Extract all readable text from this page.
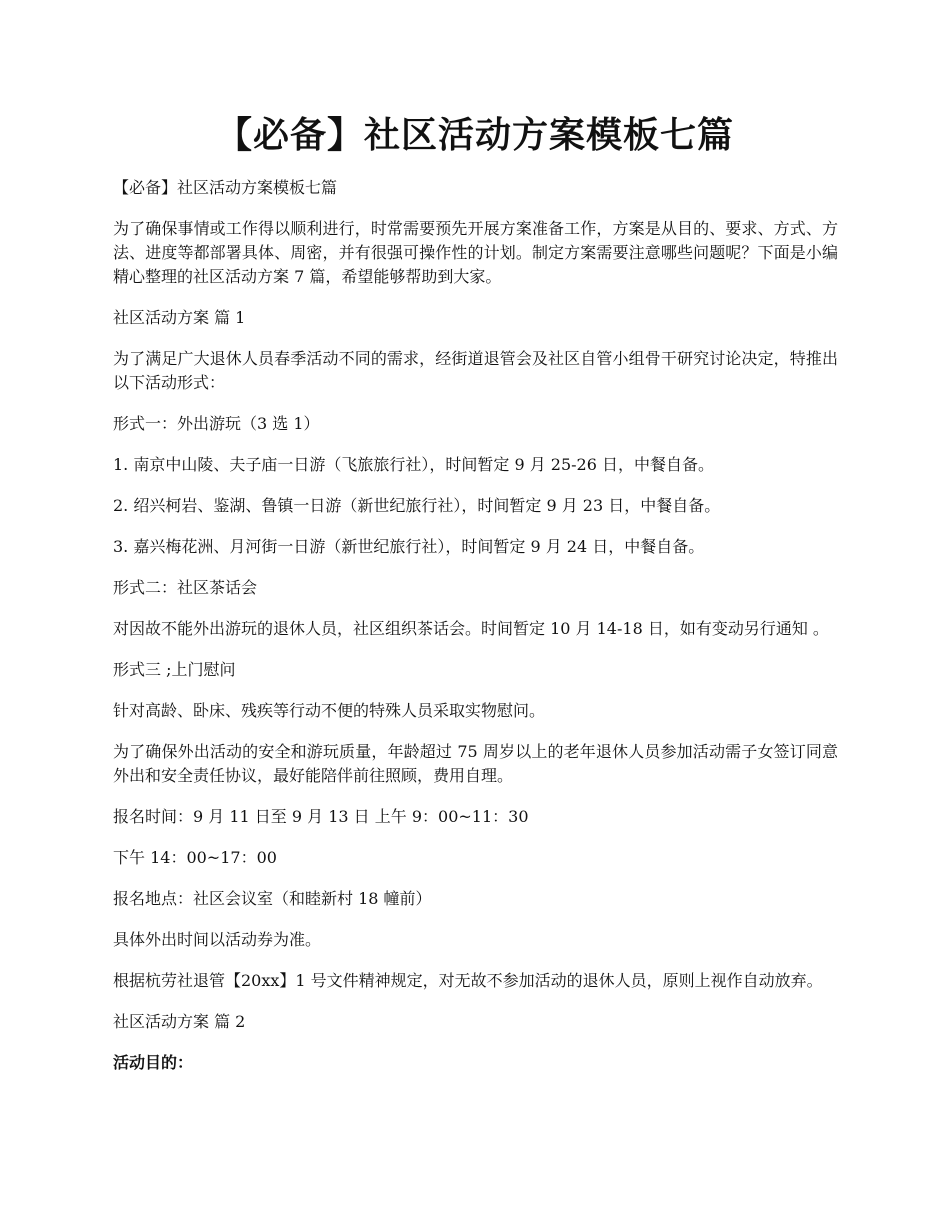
【必备】社区活动方案模板七篇

【必备】社区活动方案模板七篇

为了确保事情或工作得以顺利进行，时常需要预先开展方案准备工作，方案是从目的、要求、方式、方法、进度等都部署具体、周密，并有很强可操作性的计划。制定方案需要注意哪些问题呢？下面是小编精心整理的社区活动方案 7 篇，希望能够帮助到大家。

社区活动方案 篇 1

为了满足广大退休人员春季活动不同的需求，经街道退管会及社区自管小组骨干研究讨论决定，特推出以下活动形式：

形式一：外出游玩（3 选 1）

1. 南京中山陵、夫子庙一日游（飞旅旅行社），时间暂定 9 月 25-26 日，中餐自备。

2. 绍兴柯岩、鉴湖、鲁镇一日游（新世纪旅行社），时间暂定 9 月 23 日，中餐自备。

3. 嘉兴梅花洲、月河街一日游（新世纪旅行社），时间暂定 9 月 24 日，中餐自备。

形式二：社区茶话会

对因故不能外出游玩的退休人员，社区组织茶话会。时间暂定 10 月 14-18 日，如有变动另行通知 。

形式三 ;上门慰问

针对高龄、卧床、残疾等行动不便的特殊人员采取实物慰问。

为了确保外出活动的安全和游玩质量，年龄超过 75 周岁以上的老年退休人员参加活动需子女签订同意外出和安全责任协议，最好能陪伴前往照顾，费用自理。

报名时间：9 月 11 日至 9 月 13 日 上午 9：00~11：30

下午 14：00~17：00

报名地点：社区会议室（和睦新村 18 幢前）

具体外出时间以活动券为准。

根据杭劳社退管【20xx】1 号文件精神规定，对无故不参加活动的退休人员，原则上视作自动放弃。

社区活动方案 篇 2

活动目的：
